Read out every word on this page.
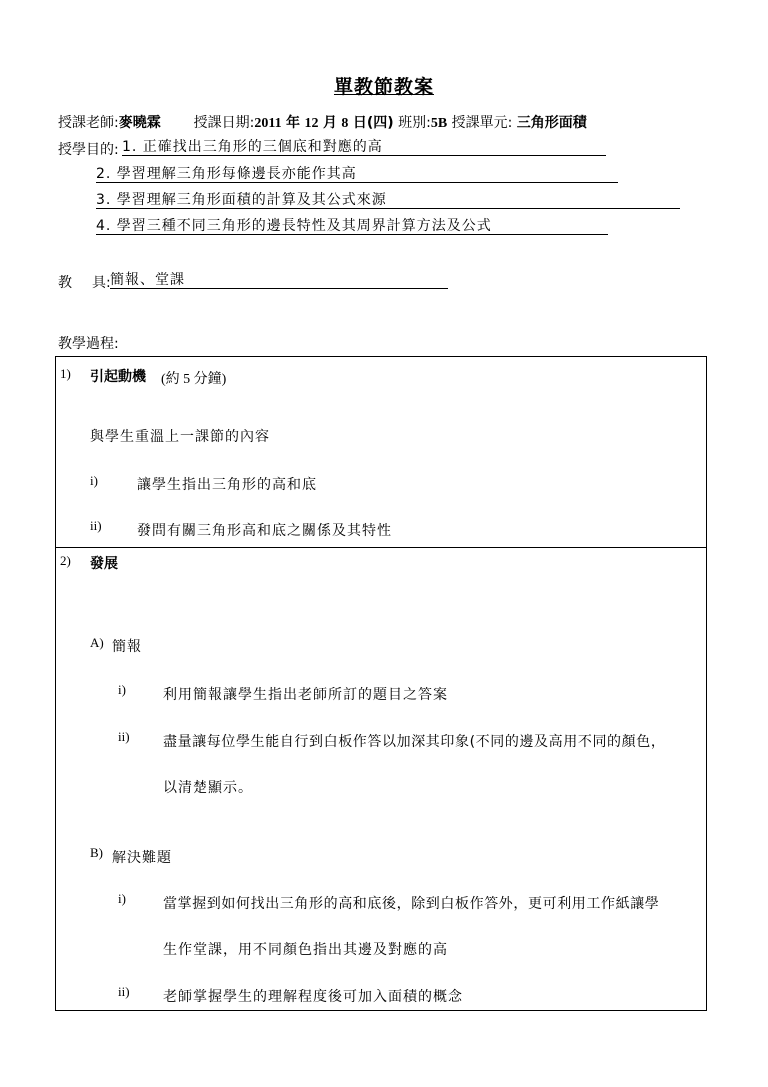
單教節教案
授課老師:麥曉霖 授課日期:2011 年 12 月 8 日(四) 班別:5B 授課單元: 三角形面積
授學目的: 1. 正確找出三角形的三個底和對應的高
2. 學習理解三角形每條邊長亦能作其高
3. 學習理解三角形面積的計算及其公式來源
4. 學習三種不同三角形的邊長特性及其周界計算方法及公式
教 具: 簡報、堂課
教學過程:
1) 引起動機 (約 5 分鐘)
與學生重溫上一課節的內容
i)	讓學生指出三角形的高和底
ii)	發問有關三角形高和底之關係及其特性
2) 發展
A) 簡報
i)	利用簡報讓學生指出老師所訂的題目之答案
ii) 盡量讓每位學生能自行到白板作答以加深其印象(不同的邊及高用不同的顏色，
以清楚顯示。
B) 解決難題
i)	當掌握到如何找出三角形的高和底後，除到白板作答外，更可利用工作紙讓學
生作堂課，用不同顏色指出其邊及對應的高
ii) 老師掌握學生的理解程度後可加入面積的概念
